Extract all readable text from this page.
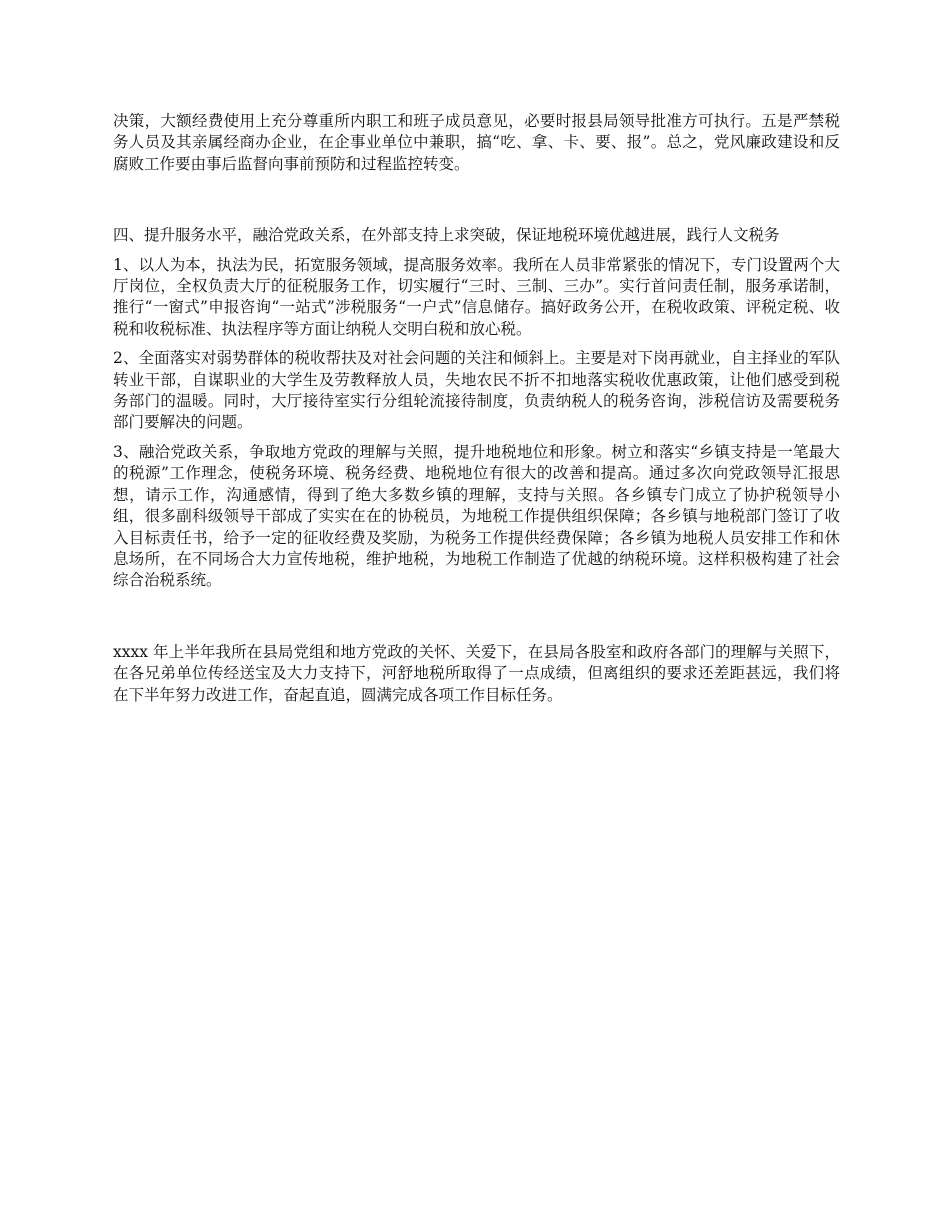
决策，大额经费使用上充分尊重所内职工和班子成员意见，必要时报县局领导批准方可执行。五是严禁税务人员及其亲属经商办企业，在企事业单位中兼职，搞“吃、拿、卡、要、报”。总之，党风廉政建设和反腐败工作要由事后监督向事前预防和过程监控转变。

四、提升服务水平，融洽党政关系，在外部支持上求突破，保证地税环境优越进展，践行人文税务

1、以人为本，执法为民，拓宽服务领域，提高服务效率。我所在人员非常紧张的情况下，专门设置两个大厅岗位，全权负责大厅的征税服务工作，切实履行“三时、三制、三办”。实行首问责任制，服务承诺制，推行“一窗式”申报咨询“一站式”涉税服务“一户式”信息储存。搞好政务公开，在税收政策、评税定税、收税和收税标准、执法程序等方面让纳税人交明白税和放心税。

2、全面落实对弱势群体的税收帮扶及对社会问题的关注和倾斜上。主要是对下岗再就业，自主择业的军队转业干部，自谋职业的大学生及劳教释放人员，失地农民不折不扣地落实税收优惠政策，让他们感受到税务部门的温暖。同时，大厅接待室实行分组轮流接待制度，负责纳税人的税务咨询，涉税信访及需要税务部门要解决的问题。

3、融洽党政关系，争取地方党政的理解与关照，提升地税地位和形象。树立和落实“乡镇支持是一笔最大的税源”工作理念，使税务环境、税务经费、地税地位有很大的改善和提高。通过多次向党政领导汇报思想，请示工作，沟通感情，得到了绝大多数乡镇的理解，支持与关照。各乡镇专门成立了协护税领导小组，很多副科级领导干部成了实实在在的协税员，为地税工作提供组织保障；各乡镇与地税部门签订了收入目标责任书，给予一定的征收经费及奖励，为税务工作提供经费保障；各乡镇为地税人员安排工作和休息场所，在不同场合大力宣传地税，维护地税，为地税工作制造了优越的纳税环境。这样积极构建了社会综合治税系统。

xxxx 年上半年我所在县局党组和地方党政的关怀、关爱下，在县局各股室和政府各部门的理解与关照下，在各兄弟单位传经送宝及大力支持下，河舒地税所取得了一点成绩，但离组织的要求还差距甚远，我们将在下半年努力改进工作，奋起直追，圆满完成各项工作目标任务。
